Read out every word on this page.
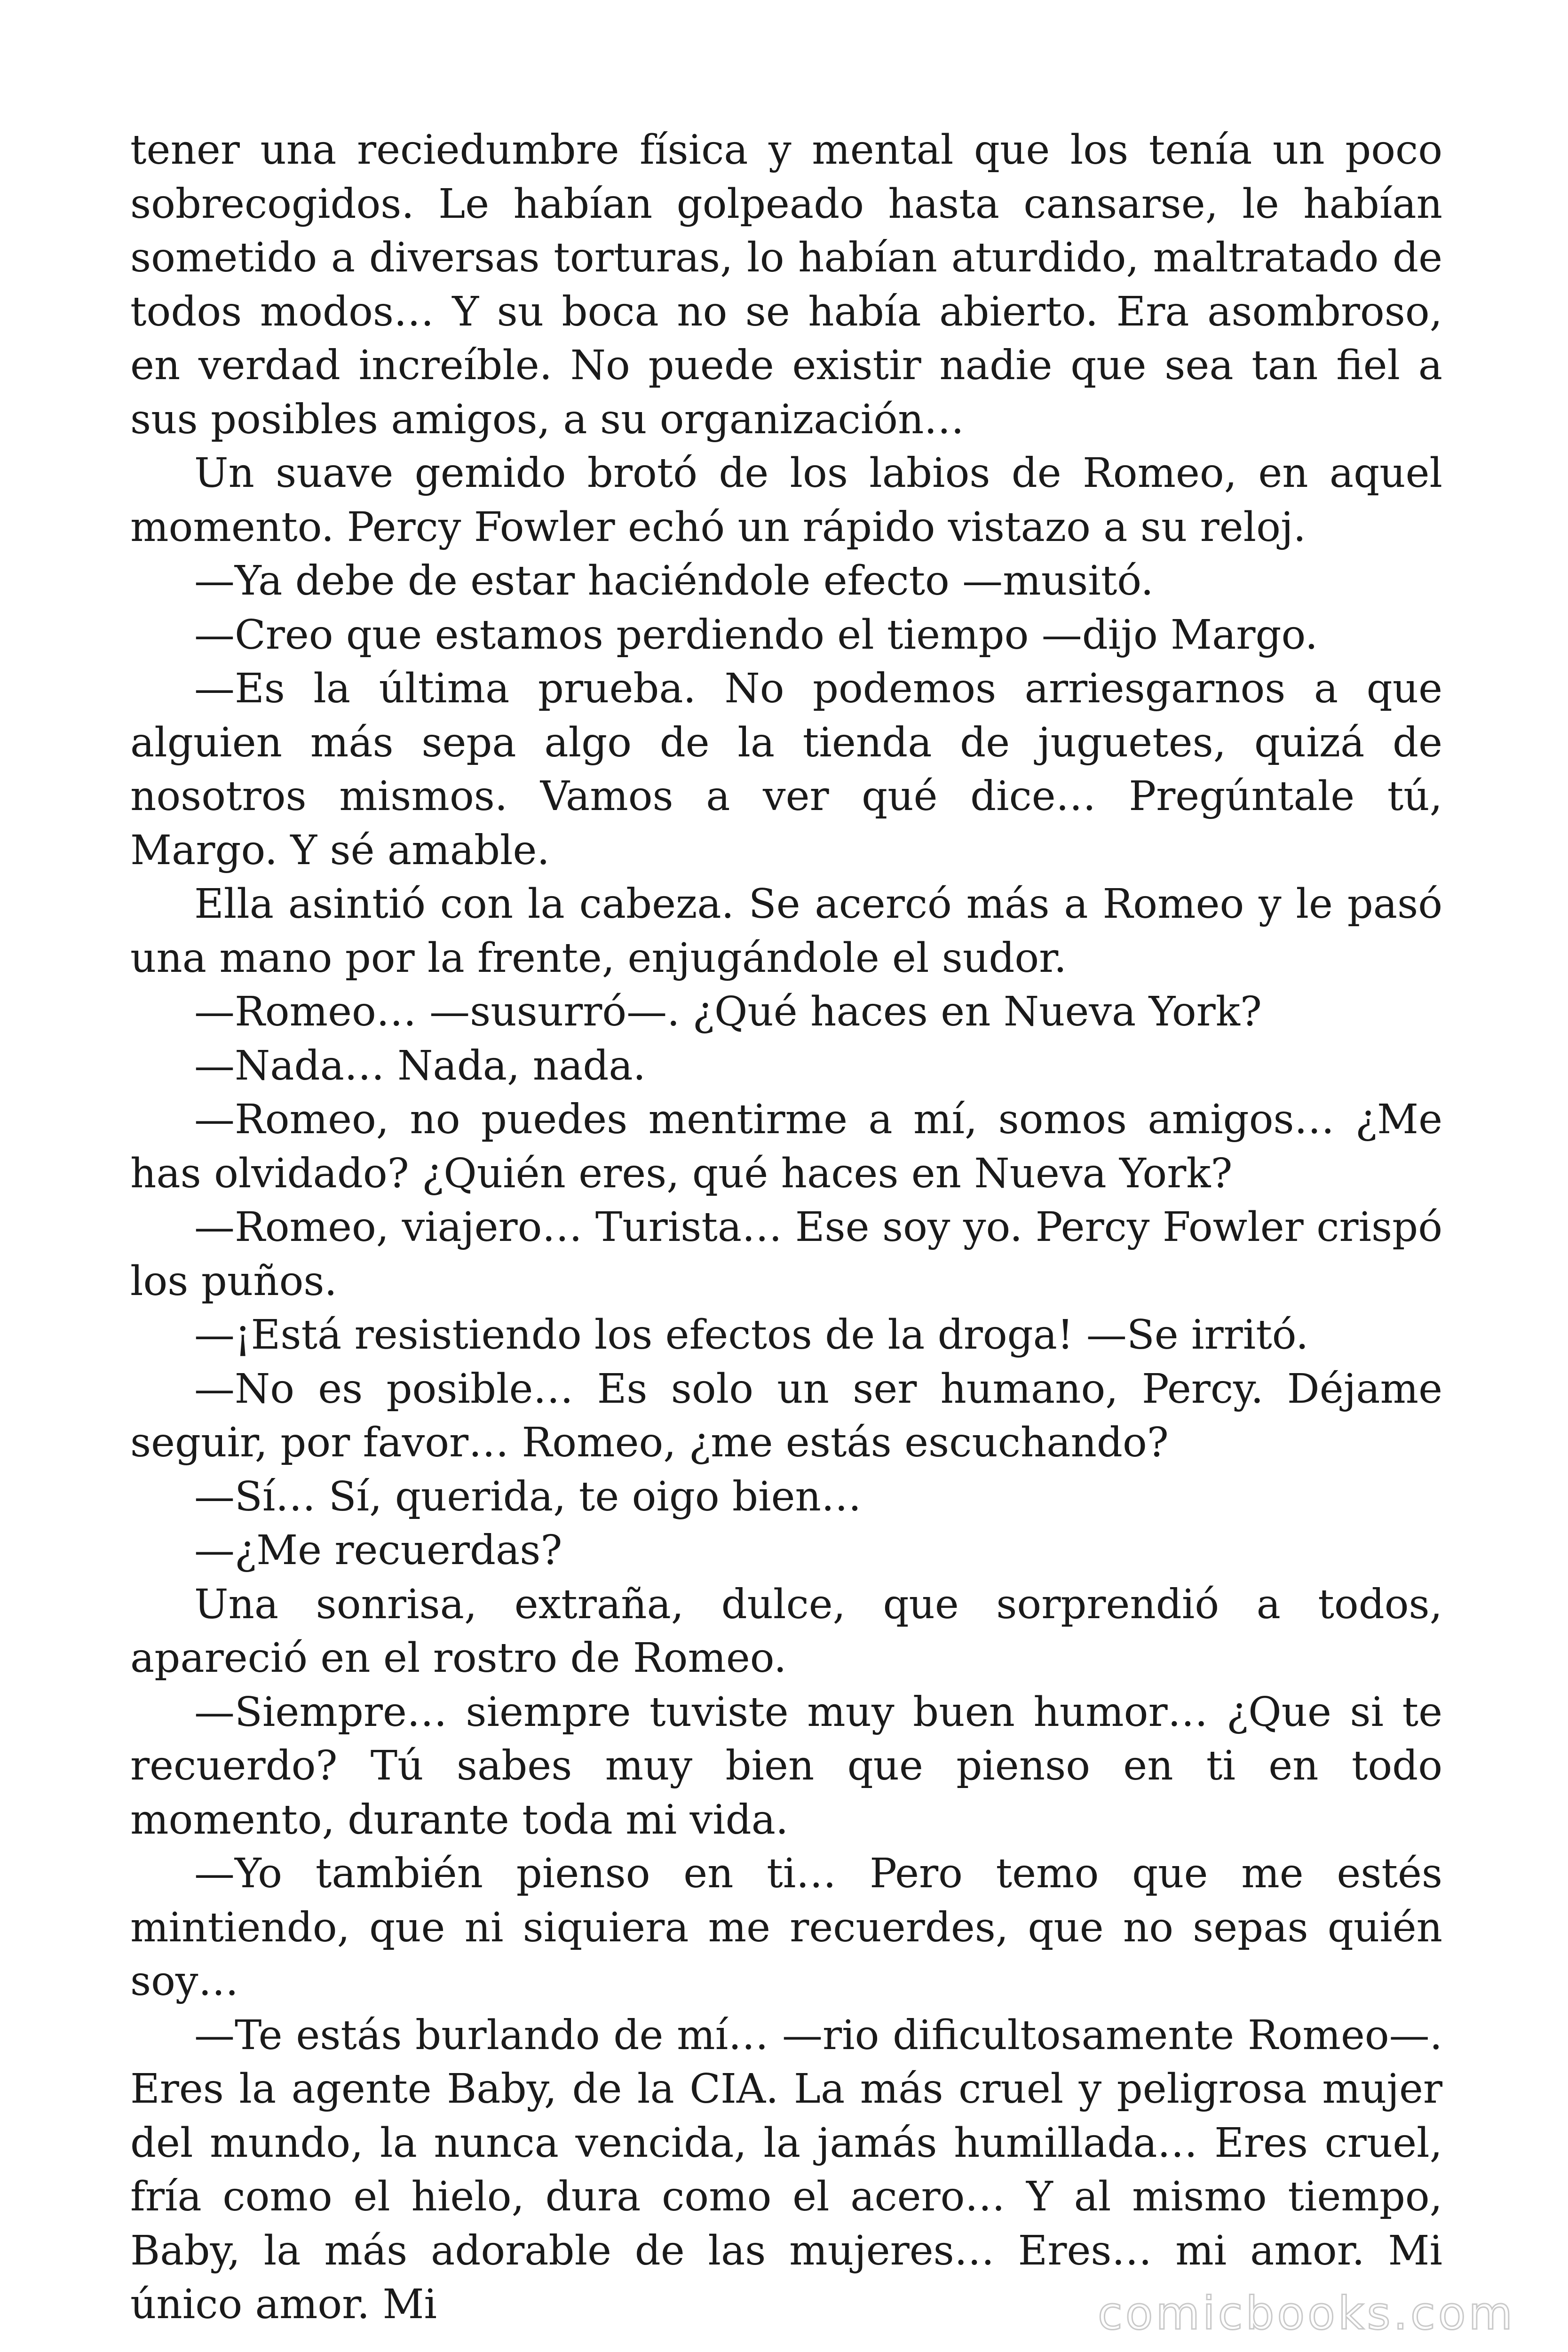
tener una reciedumbre física y mental que los tenía un poco sobrecogidos. Le habían golpeado hasta cansarse, le habían sometido a diversas torturas, lo habían aturdido, maltratado de todos modos… Y su boca no se había abierto. Era asombroso, en verdad increíble. No puede existir nadie que sea tan fiel a sus posibles amigos, a su organización…

Un suave gemido brotó de los labios de Romeo, en aquel momento. Percy Fowler echó un rápido vistazo a su reloj.

—Ya debe de estar haciéndole efecto —musitó.

—Creo que estamos perdiendo el tiempo —dijo Margo.

—Es la última prueba. No podemos arriesgarnos a que alguien más sepa algo de la tienda de juguetes, quizá de nosotros mismos. Vamos a ver qué dice… Pregúntale tú, Margo. Y sé amable.

Ella asintió con la cabeza. Se acercó más a Romeo y le pasó una mano por la frente, enjugándole el sudor.

—Romeo… —susurró—. ¿Qué haces en Nueva York?

—Nada… Nada, nada.

—Romeo, no puedes mentirme a mí, somos amigos… ¿Me has olvidado? ¿Quién eres, qué haces en Nueva York?

—Romeo, viajero… Turista… Ese soy yo. Percy Fowler crispó los puños.

—¡Está resistiendo los efectos de la droga! —Se irritó.

—No es posible… Es solo un ser humano, Percy. Déjame seguir, por favor… Romeo, ¿me estás escuchando?

—Sí… Sí, querida, te oigo bien…

—¿Me recuerdas?

Una sonrisa, extraña, dulce, que sorprendió a todos, apareció en el rostro de Romeo.

—Siempre… siempre tuviste muy buen humor… ¿Que si te recuerdo? Tú sabes muy bien que pienso en ti en todo momento, durante toda mi vida.

—Yo también pienso en ti… Pero temo que me estés mintiendo, que ni siquiera me recuerdes, que no sepas quién soy…

—Te estás burlando de mí… —rio dificultosamente Romeo—. Eres la agente Baby, de la CIA. La más cruel y peligrosa mujer del mundo, la nunca vencida, la jamás humillada… Eres cruel, fría como el hielo, dura como el acero… Y al mismo tiempo, Baby, la más adorable de las mujeres… Eres… mi amor. Mi único amor. Mi	comicbooks.com
